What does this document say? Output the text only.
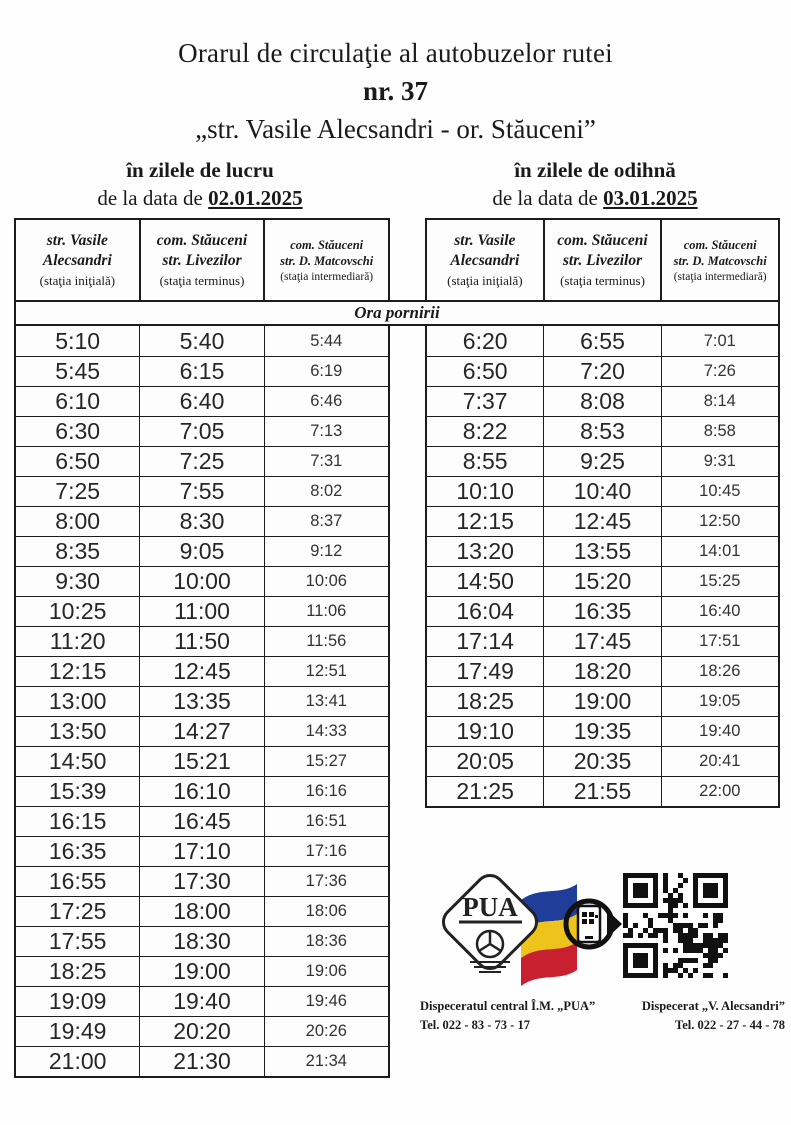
Orarul de circulaţie al autobuzelor rutei
nr. 37
„str. Vasile Alecsandri - or. Stăuceni”
în zilele de lucru
de la data de 02.01.2025
în zilele de odihnă
de la data de 03.01.2025
str. Vasile
Alecsandri
(staţia iniţială)
com. Stăuceni
str. Livezilor
(staţia terminus)
com. Stăuceni
str. D. Matcovschi
(staţia intermediară)
str. Vasile
Alecsandri
(staţia iniţială)
com. Stăuceni
str. Livezilor
(staţia terminus)
com. Stăuceni
str. D. Matcovschi
(staţia intermediară)
Ora pornirii
5:10	5:40	5:44
5:45	6:15	6:19
6:10	6:40	6:46
6:30	7:05	7:13
6:50	7:25	7:31
7:25	7:55	8:02
8:00	8:30	8:37
8:35	9:05	9:12
9:30	10:00	10:06
10:25	11:00	11:06
11:20	11:50	11:56
12:15	12:45	12:51
13:00	13:35	13:41
13:50	14:27	14:33
14:50	15:21	15:27
15:39	16:10	16:16
16:15	16:45	16:51
16:35	17:10	17:16
16:55	17:30	17:36
17:25	18:00	18:06
17:55	18:30	18:36
18:25	19:00	19:06
19:09	19:40	19:46
19:49	20:20	20:26
21:00	21:30	21:34
6:20	6:55	7:01
6:50	7:20	7:26
7:37	8:08	8:14
8:22	8:53	8:58
8:55	9:25	9:31
10:10	10:40	10:45
12:15	12:45	12:50
13:20	13:55	14:01
14:50	15:20	15:25
16:04	16:35	16:40
17:14	17:45	17:51
17:49	18:20	18:26
18:25	19:00	19:05
19:10	19:35	19:40
20:05	20:35	20:41
21:25	21:55	22:00
PUA
Dispeceratul central Î.M. „PUA”
Tel. 022 - 83 - 73 - 17
Dispecerat „V. Alecsandri”
Tel. 022 - 27 - 44 - 78
